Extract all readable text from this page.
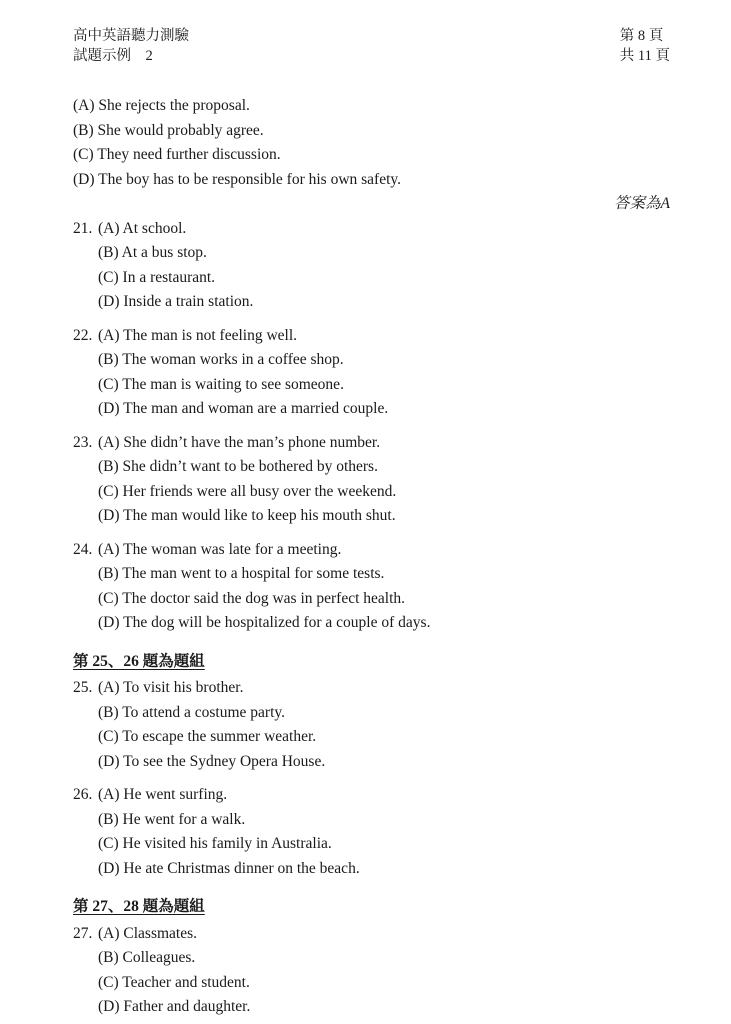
高中英語聽力測驗
試題示例　2
第 8 頁
共 11 頁
(A) She rejects the proposal.
(B) She would probably agree.
(C) They need further discussion.
(D) The boy has to be responsible for his own safety.
答案為A
21. (A) At school.
(B) At a bus stop.
(C) In a restaurant.
(D) Inside a train station.
22. (A) The man is not feeling well.
(B) The woman works in a coffee shop.
(C) The man is waiting to see someone.
(D) The man and woman are a married couple.
23. (A) She didn’t have the man’s phone number.
(B) She didn’t want to be bothered by others.
(C) Her friends were all busy over the weekend.
(D) The man would like to keep his mouth shut.
24. (A) The woman was late for a meeting.
(B) The man went to a hospital for some tests.
(C) The doctor said the dog was in perfect health.
(D) The dog will be hospitalized for a couple of days.
第 25、26 題為題組
25. (A) To visit his brother.
(B) To attend a costume party.
(C) To escape the summer weather.
(D) To see the Sydney Opera House.
26. (A) He went surfing.
(B) He went for a walk.
(C) He visited his family in Australia.
(D) He ate Christmas dinner on the beach.
第 27、28 題為題組
27. (A) Classmates.
(B) Colleagues.
(C) Teacher and student.
(D) Father and daughter.
